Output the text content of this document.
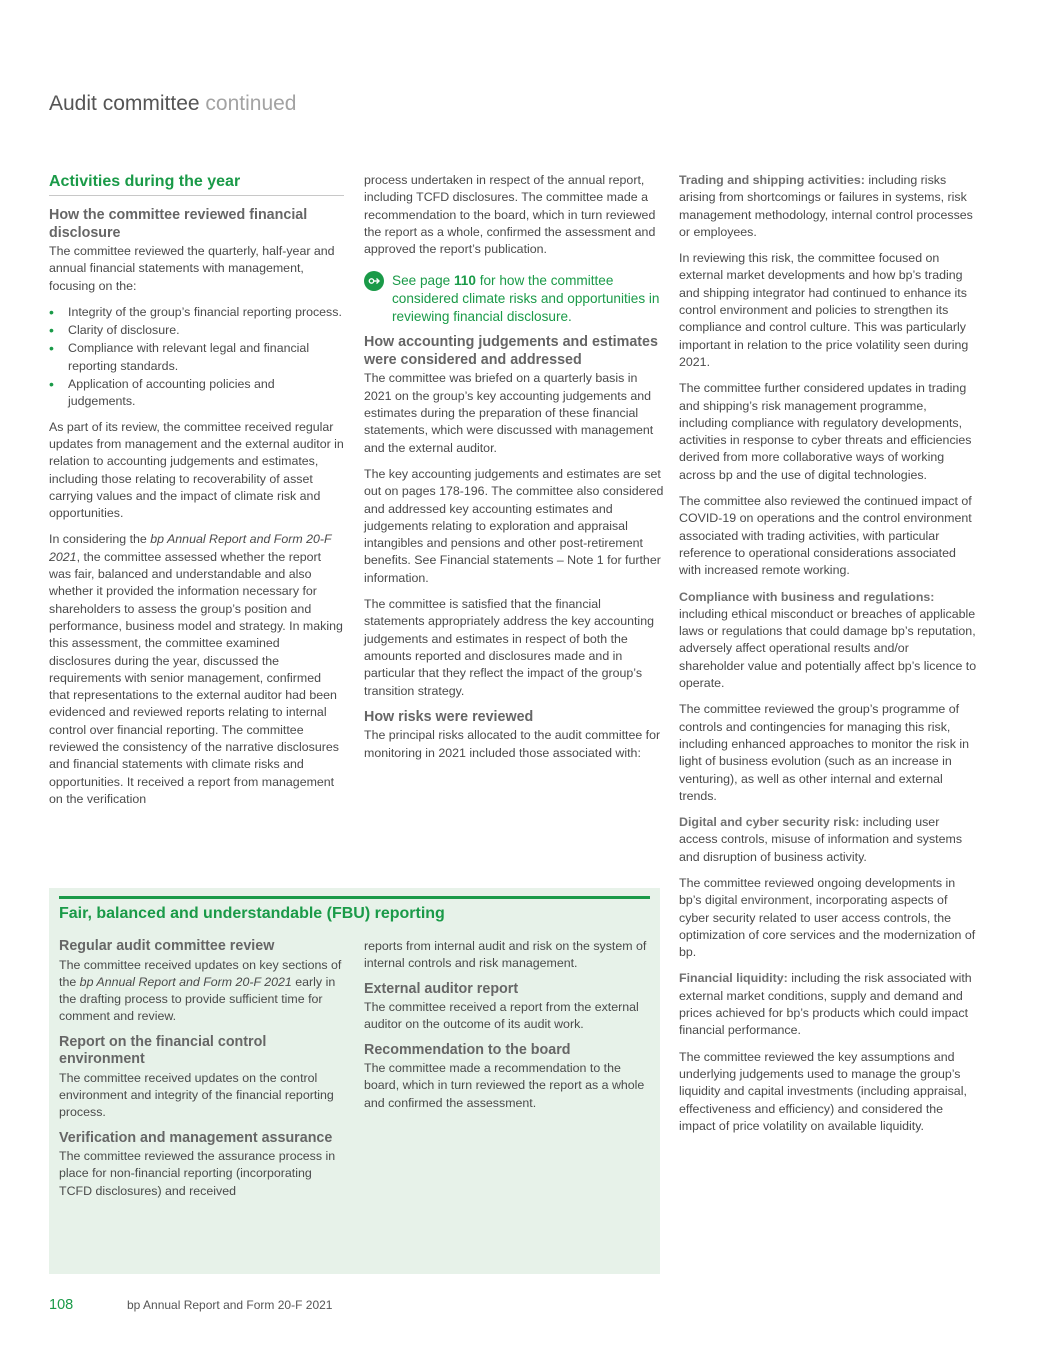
Audit committee continued
Activities during the year
How the committee reviewed financial disclosure

The committee reviewed the quarterly, half-year and annual financial statements with management, focusing on the:

• Integrity of the group’s financial reporting process.
• Clarity of disclosure.
• Compliance with relevant legal and financial reporting standards.
• Application of accounting policies and judgements.

As part of its review, the committee received regular updates from management and the external auditor in relation to accounting judgements and estimates, including those relating to recoverability of asset carrying values and the impact of climate risk and opportunities.

In considering the bp Annual Report and Form 20-F 2021, the committee assessed whether the report was fair, balanced and understandable and also whether it provided the information necessary for shareholders to assess the group’s position and performance, business model and strategy. In making this assessment, the committee examined disclosures during the year, discussed the requirements with senior management, confirmed that representations to the external auditor had been evidenced and reviewed reports relating to internal control over financial reporting. The committee reviewed the consistency of the narrative disclosures and financial statements with climate risks and opportunities. It received a report from management on the verification

process undertaken in respect of the annual report, including TCFD disclosures. The committee made a recommendation to the board, which in turn reviewed the report as a whole, confirmed the assessment and approved the report’s publication.

See page 110 for how the committee considered climate risks and opportunities in reviewing financial disclosure.
How accounting judgements and estimates were considered and addressed

The committee was briefed on a quarterly basis in 2021 on the group’s key accounting judgements and estimates during the preparation of these financial statements, which were discussed with management and the external auditor.

The key accounting judgements and estimates are set out on pages 178-196. The committee also considered and addressed key accounting estimates and judgements relating to exploration and appraisal intangibles and pensions and other post-retirement benefits. See Financial statements – Note 1 for further information.

The committee is satisfied that the financial statements appropriately address the key accounting judgements and estimates in respect of both the amounts reported and disclosures made and in particular that they reflect the impact of the group’s transition strategy.

How risks were reviewed

The principal risks allocated to the audit committee for monitoring in 2021 included those associated with:

Trading and shipping activities: including risks arising from shortcomings or failures in systems, risk management methodology, internal control processes or employees.

In reviewing this risk, the committee focused on external market developments and how bp’s trading and shipping integrator had continued to enhance its control environment and policies to strengthen its compliance and control culture. This was particularly important in relation to the price volatility seen during 2021.

The committee further considered updates in trading and shipping’s risk management programme, including compliance with regulatory developments, activities in response to cyber threats and efficiencies derived from more collaborative ways of working across bp and the use of digital technologies.

The committee also reviewed the continued impact of COVID-19 on operations and the control environment associated with trading activities, with particular reference to operational considerations associated with increased remote working.

Compliance with business and regulations: including ethical misconduct or breaches of applicable laws or regulations that could damage bp’s reputation, adversely affect operational results and/or shareholder value and potentially affect bp’s licence to operate.

The committee reviewed the group’s programme of controls and contingencies for managing this risk, including enhanced approaches to monitor the risk in light of business evolution (such as an increase in venturing), as well as other internal and external trends.

Digital and cyber security risk: including user access controls, misuse of information and systems and disruption of business activity.

The committee reviewed ongoing developments in bp’s digital environment, incorporating aspects of cyber security related to user access controls, the optimization of core services and the modernization of bp.

Financial liquidity: including the risk associated with external market conditions, supply and demand and prices achieved for bp’s products which could impact financial performance.

The committee reviewed the key assumptions and underlying judgements used to manage the group’s liquidity and capital investments (including appraisal, effectiveness and efficiency) and considered the impact of price volatility on available liquidity.

Fair, balanced and understandable (FBU) reporting
Regular audit committee review

The committee received updates on key sections of the bp Annual Report and Form 20-F 2021 early in the drafting process to provide sufficient time for comment and review.

Report on the financial control environment

The committee received updates on the control environment and integrity of the financial reporting process.

Verification and management assurance

The committee reviewed the assurance process in place for non-financial reporting (incorporating TCFD disclosures) and received

reports from internal audit and risk on the system of internal controls and risk management.

External auditor report

The committee received a report from the external auditor on the outcome of its audit work.

Recommendation to the board

The committee made a recommendation to the board, which in turn reviewed the report as a whole and confirmed the assessment.

108	bp Annual Report and Form 20-F 2021
